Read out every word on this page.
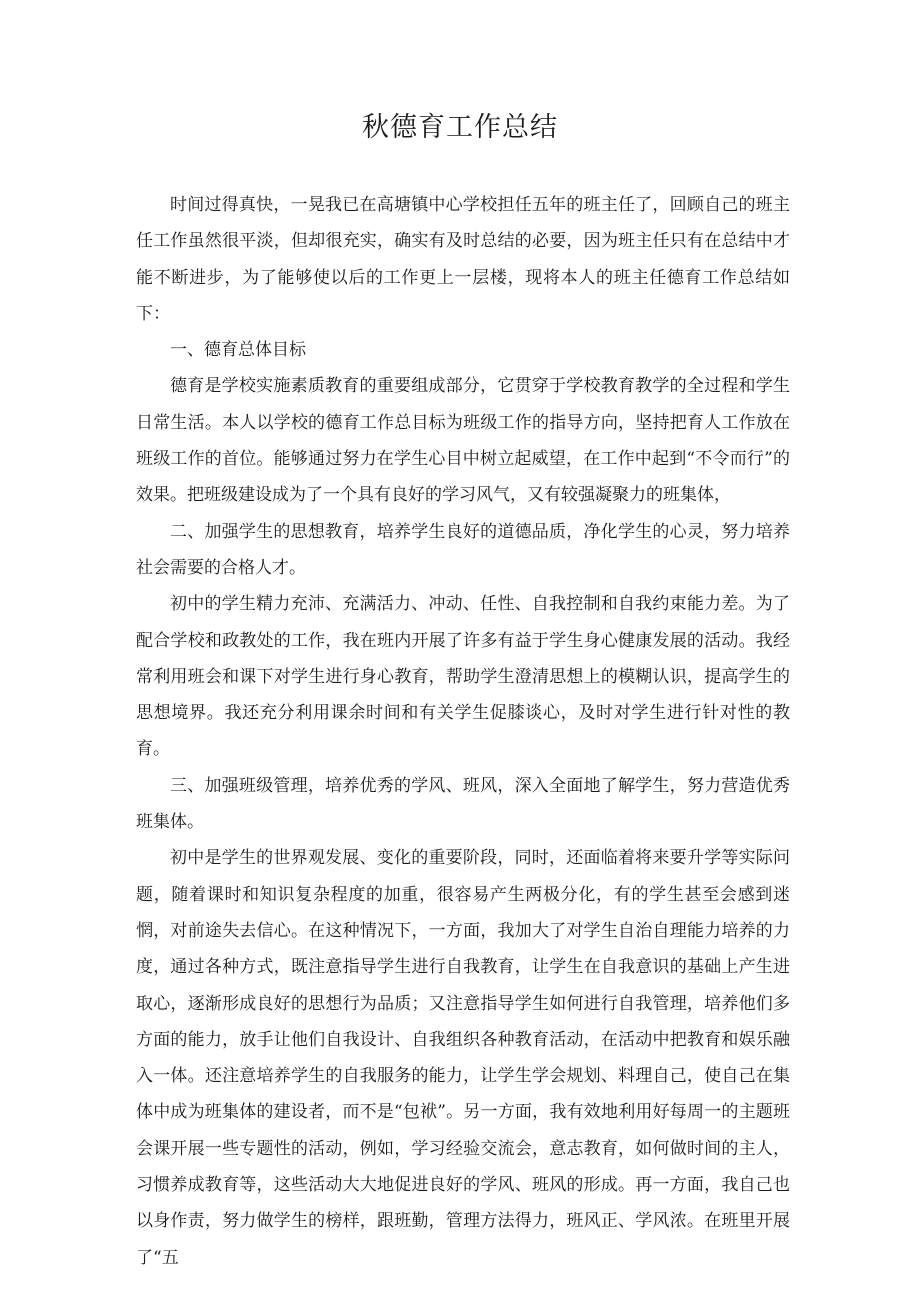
秋德育工作总结

时间过得真快，一晃我已在高塘镇中心学校担任五年的班主任了，回顾自己的班主任工作虽然很平淡，但却很充实，确实有及时总结的必要，因为班主任只有在总结中才能不断进步，为了能够使以后的工作更上一层楼，现将本人的班主任德育工作总结如下：

一、德育总体目标

德育是学校实施素质教育的重要组成部分，它贯穿于学校教育教学的全过程和学生日常生活。本人以学校的德育工作总目标为班级工作的指导方向，坚持把育人工作放在班级工作的首位。能够通过努力在学生心目中树立起威望，在工作中起到“不令而行”的效果。把班级建设成为了一个具有良好的学习风气，又有较强凝聚力的班集体，

二、加强学生的思想教育，培养学生良好的道德品质，净化学生的心灵，努力培养社会需要的合格人才。

初中的学生精力充沛、充满活力、冲动、任性、自我控制和自我约束能力差。为了配合学校和政教处的工作，我在班内开展了许多有益于学生身心健康发展的活动。我经常利用班会和课下对学生进行身心教育，帮助学生澄清思想上的模糊认识，提高学生的思想境界。我还充分利用课余时间和有关学生促膝谈心，及时对学生进行针对性的教育。

三、加强班级管理，培养优秀的学风、班风，深入全面地了解学生，努力营造优秀班集体。

初中是学生的世界观发展、变化的重要阶段，同时，还面临着将来要升学等实际问题，随着课时和知识复杂程度的加重，很容易产生两极分化，有的学生甚至会感到迷惘，对前途失去信心。在这种情况下，一方面，我加大了对学生自治自理能力培养的力度，通过各种方式，既注意指导学生进行自我教育，让学生在自我意识的基础上产生进取心，逐渐形成良好的思想行为品质；又注意指导学生如何进行自我管理，培养他们多方面的能力，放手让他们自我设计、自我组织各种教育活动，在活动中把教育和娱乐融入一体。还注意培养学生的自我服务的能力，让学生学会规划、料理自己，使自己在集体中成为班集体的建设者，而不是“包袱”。另一方面，我有效地利用好每周一的主题班会课开展一些专题性的活动，例如，学习经验交流会，意志教育，如何做时间的主人，习惯养成教育等，这些活动大大地促进良好的学风、班风的形成。再一方面，我自己也以身作责，努力做学生的榜样，跟班勤，管理方法得力，班风正、学风浓。在班里开展了“五
